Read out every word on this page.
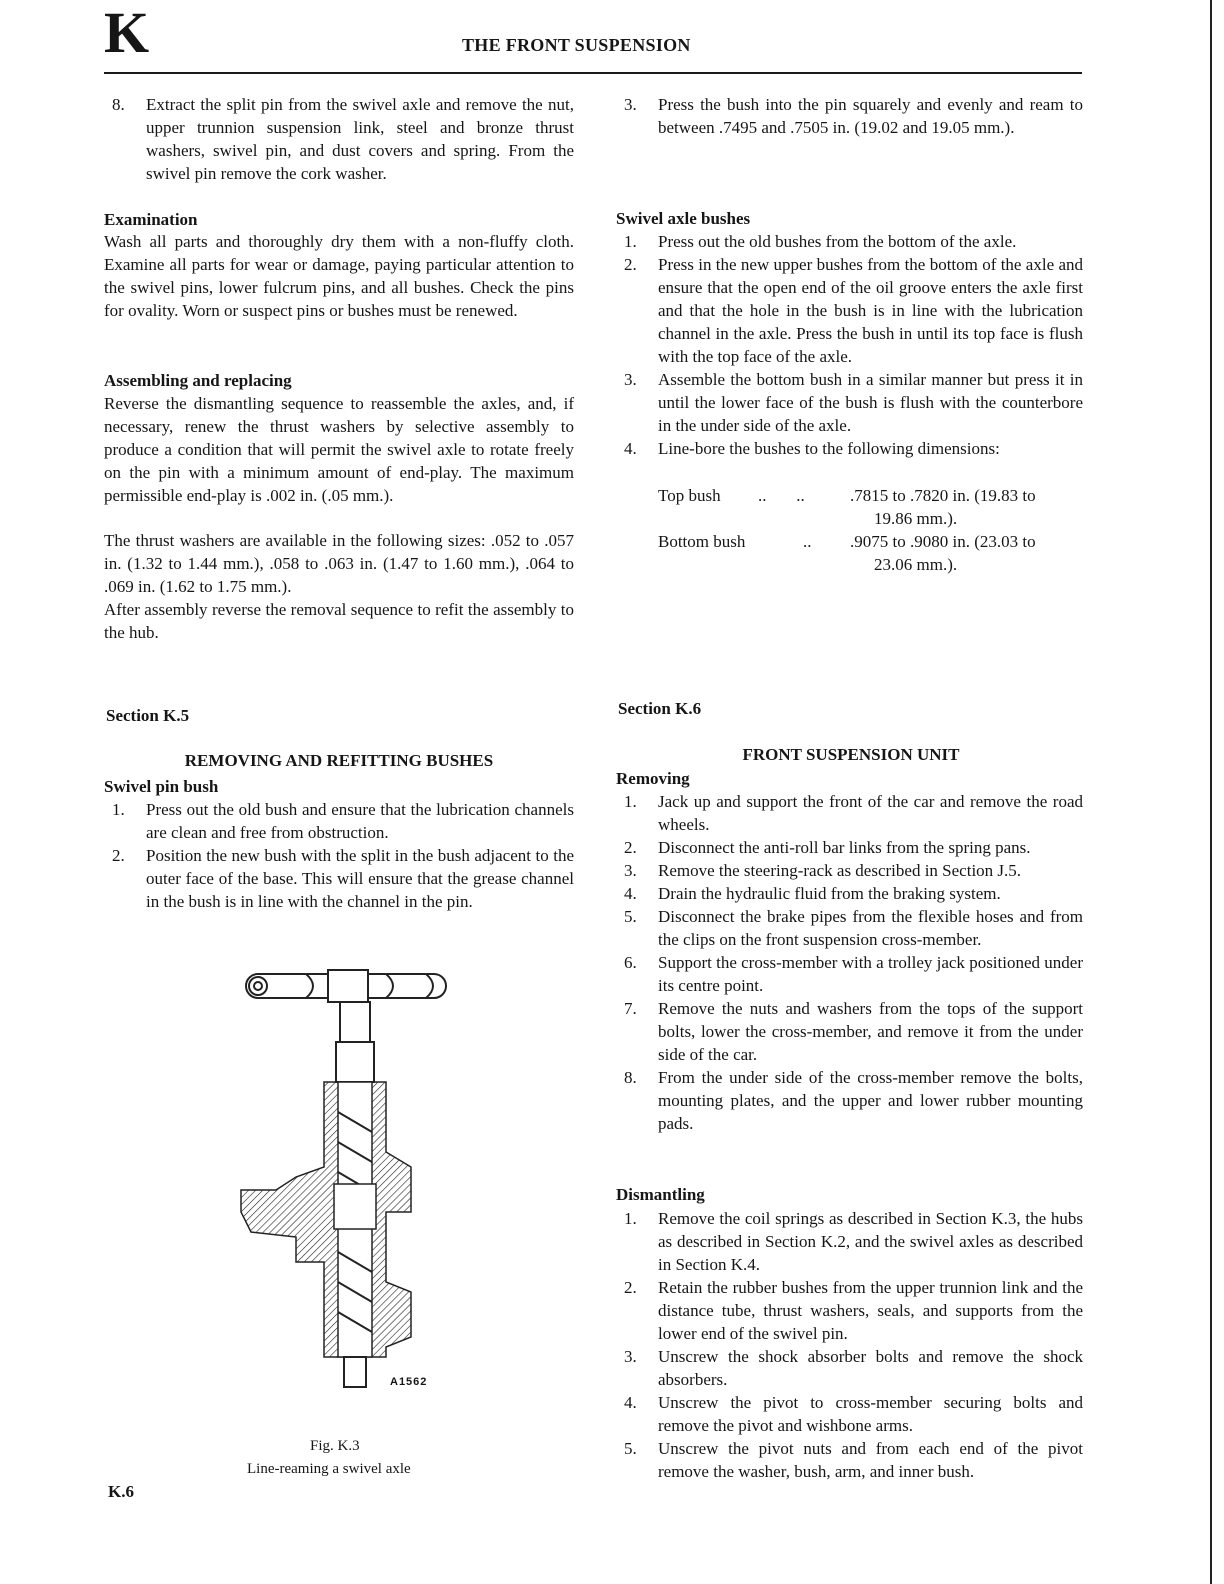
K	THE FRONT SUSPENSION
8. Extract the split pin from the swivel axle and remove the nut, upper trunnion suspension link, steel and bronze thrust washers, swivel pin, and dust covers and spring. From the swivel pin remove the cork washer.
Examination
Wash all parts and thoroughly dry them with a non-fluffy cloth. Examine all parts for wear or damage, paying particular attention to the swivel pins, lower fulcrum pins, and all bushes. Check the pins for ovality. Worn or suspect pins or bushes must be renewed.
Assembling and replacing
Reverse the dismantling sequence to reassemble the axles, and, if necessary, renew the thrust washers by selective assembly to produce a condition that will permit the swivel axle to rotate freely on the pin with a minimum amount of end-play. The maximum permissible end-play is .002 in. (.05 mm.).
The thrust washers are available in the following sizes: .052 to .057 in. (1.32 to 1.44 mm.), .058 to .063 in. (1.47 to 1.60 mm.), .064 to .069 in. (1.62 to 1.75 mm.).
After assembly reverse the removal sequence to refit the assembly to the hub.
3. Press the bush into the pin squarely and evenly and ream to between .7495 and .7505 in. (19.02 and 19.05 mm.).
Swivel axle bushes
1. Press out the old bushes from the bottom of the axle.
2. Press in the new upper bushes from the bottom of the axle and ensure that the open end of the oil groove enters the axle first and that the hole in the bush is in line with the lubrication channel in the axle. Press the bush in until its top face is flush with the top face of the axle.
3. Assemble the bottom bush in a similar manner but press it in until the lower face of the bush is flush with the counterbore in the under side of the axle.
4. Line-bore the bushes to the following dimensions:
Top bush ..       ..	.7815 to .7820 in. (19.83 to
19.86 mm.).
Bottom bush	.. .9075 to .9080 in. (23.03 to
23.06 mm.).
Section K.5
REMOVING AND REFITTING BUSHES
Swivel pin bush
1. Press out the old bush and ensure that the lubrication channels are clean and free from obstruction.
2. Position the new bush with the split in the bush adjacent to the outer face of the base. This will ensure that the grease channel in the bush is in line with the channel in the pin.
A1562
Fig. K.3
Line-reaming a swivel axle
Section K.6
FRONT SUSPENSION UNIT
Removing
1. Jack up and support the front of the car and remove the road wheels.
2. Disconnect the anti-roll bar links from the spring pans.
3. Remove the steering-rack as described in Section J.5.
4. Drain the hydraulic fluid from the braking system.
5. Disconnect the brake pipes from the flexible hoses and from the clips on the front suspension cross-member.
6. Support the cross-member with a trolley jack positioned under its centre point.
7. Remove the nuts and washers from the tops of the support bolts, lower the cross-member, and remove it from the under side of the car.
8. From the under side of the cross-member remove the bolts, mounting plates, and the upper and lower rubber mounting pads.
Dismantling
1. Remove the coil springs as described in Section K.3, the hubs as described in Section K.2, and the swivel axles as described in Section K.4.
2. Retain the rubber bushes from the upper trunnion link and the distance tube, thrust washers, seals, and supports from the lower end of the swivel pin.
3. Unscrew the shock absorber bolts and remove the shock absorbers.
4. Unscrew the pivot to cross-member securing bolts and remove the pivot and wishbone arms.
5. Unscrew the pivot nuts and from each end of the pivot remove the washer, bush, arm, and inner bush.
K.6
